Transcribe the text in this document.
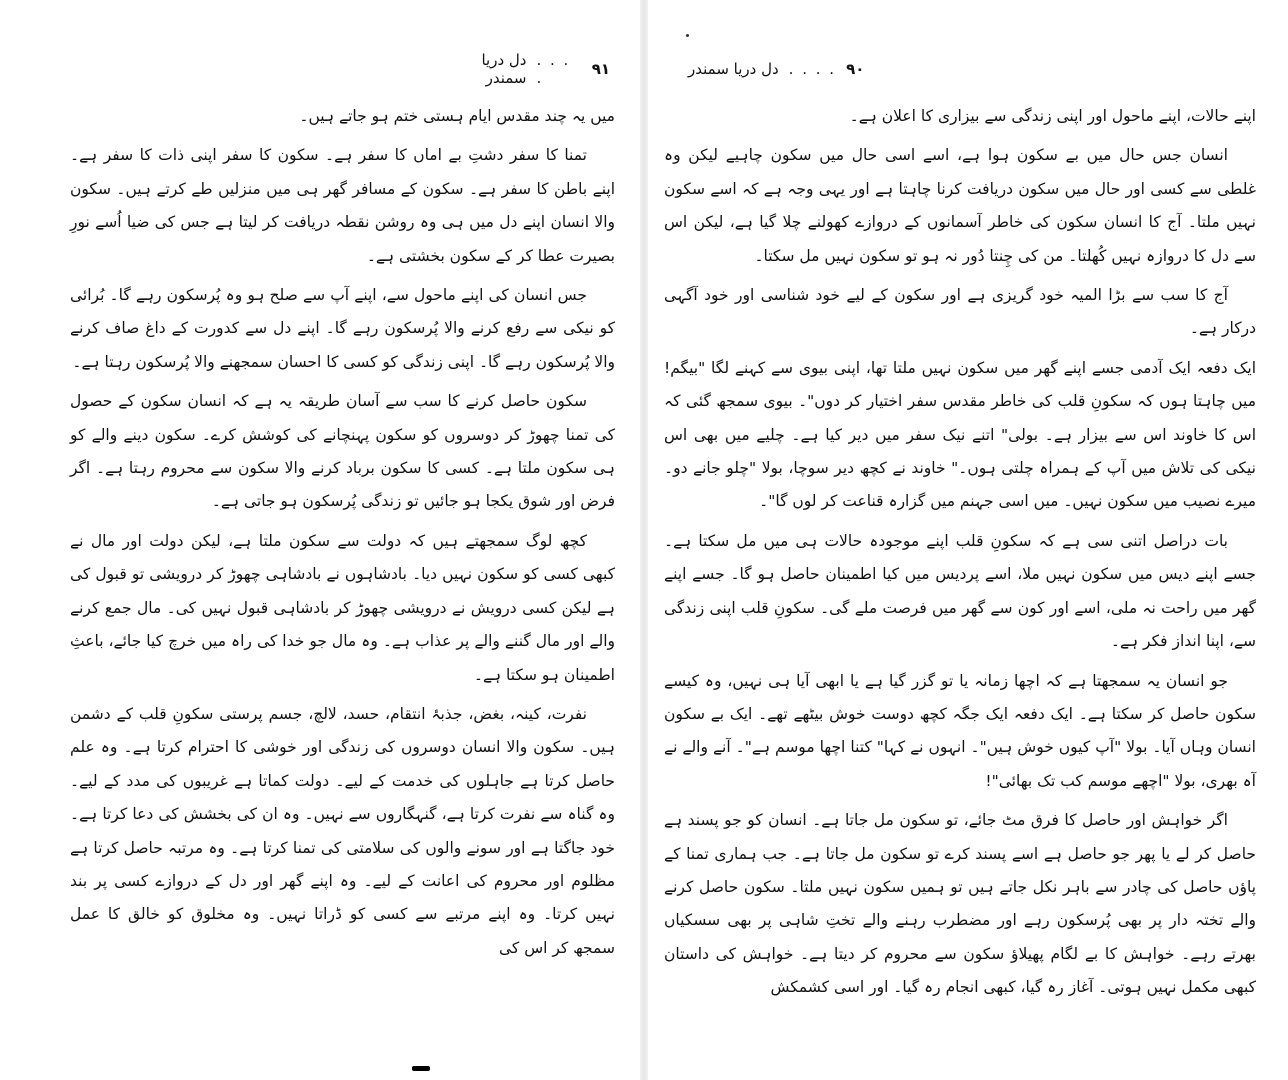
دل دریا سمندر
. . . .	۹۱

میں یہ چند مقدس ایام ہستی ختم ہو جاتے ہیں۔

تمنا کا سفر دشتِ بے اماں کا سفر ہے۔ سکون کا سفر اپنی ذات کا سفر ہے۔ اپنے باطن کا سفر ہے۔ سکون کے مسافر گھر ہی میں منزلیں طے کرتے ہیں۔ سکون والا انسان اپنے دل میں ہی وہ روشن نقطہ دریافت کر لیتا ہے جس کی ضیا اُسے نورِ بصیرت عطا کر کے سکون بخشتی ہے۔

جس انسان کی اپنے ماحول سے، اپنے آپ سے صلح ہو وہ پُرسکون رہے گا۔ بُرائی کو نیکی سے رفع کرنے والا پُرسکون رہے گا۔ اپنے دل سے کدورت کے داغ صاف کرنے والا پُرسکون رہے گا۔ اپنی زندگی کو کسی کا احسان سمجھنے والا پُرسکون رہتا ہے۔

سکون حاصل کرنے کا سب سے آسان طریقہ یہ ہے کہ انسان سکون کے حصول کی تمنا چھوڑ کر دوسروں کو سکون پہنچانے کی کوشش کرے۔ سکون دینے والے کو ہی سکون ملتا ہے۔ کسی کا سکون برباد کرنے والا سکون سے محروم رہتا ہے۔ اگر فرض اور شوق یکجا ہو جائیں تو زندگی پُرسکون ہو جاتی ہے۔

کچھ لوگ سمجھتے ہیں کہ دولت سے سکون ملتا ہے، لیکن دولت اور مال نے کبھی کسی کو سکون نہیں دیا۔ بادشاہوں نے بادشاہی چھوڑ کر درویشی تو قبول کی ہے لیکن کسی درویش نے درویشی چھوڑ کر بادشاہی قبول نہیں کی۔ مال جمع کرنے والے اور مال گننے والے پر عذاب ہے۔ وہ مال جو خدا کی راہ میں خرچ کیا جائے، باعثِ اطمینان ہو سکتا ہے۔

نفرت، کینہ، بغض، جذبۂ انتقام، حسد، لالچ، جسم پرستی سکونِ قلب کے دشمن ہیں۔ سکون والا انسان دوسروں کی زندگی اور خوشی کا احترام کرتا ہے۔ وہ علم حاصل کرتا ہے جاہلوں کی خدمت کے لیے۔ دولت کماتا ہے غریبوں کی مدد کے لیے۔ وہ گناہ سے نفرت کرتا ہے، گنہگاروں سے نہیں۔ وہ ان کی بخشش کی دعا کرتا ہے۔ خود جاگتا ہے اور سونے والوں کی سلامتی کی تمنا کرتا ہے۔ وہ مرتبہ حاصل کرتا ہے مظلوم اور محروم کی اعانت کے لیے۔ وہ اپنے گھر اور دل کے دروازے کسی پر بند نہیں کرتا۔ وہ اپنے مرتبے سے کسی کو ڈراتا نہیں۔ وہ مخلوق کو خالق کا عمل سمجھ کر اس کی

دل دریا سمندر . . . . ۹۰

اپنے حالات، اپنے ماحول اور اپنی زندگی سے بیزاری کا اعلان ہے۔

انسان جس حال میں بے سکون ہوا ہے، اسے اسی حال میں سکون چاہیے لیکن وہ غلطی سے کسی اور حال میں سکون دریافت کرنا چاہتا ہے اور یہی وجہ ہے کہ اسے سکون نہیں ملتا۔ آج کا انسان سکون کی خاطر آسمانوں کے دروازے کھولنے چلا گیا ہے، لیکن اس سے دل کا دروازہ نہیں کُھلتا۔ من کی چِنتا دُور نہ ہو تو سکون نہیں مل سکتا۔

آج کا سب سے بڑا المیہ خود گریزی ہے اور سکون کے لیے خود شناسی اور خود آگہی درکار ہے۔

ایک دفعہ ایک آدمی جسے اپنے گھر میں سکون نہیں ملتا تھا، اپنی بیوی سے کہنے لگا "بیگم! میں چاہتا ہوں کہ سکونِ قلب کی خاطر مقدس سفر اختیار کر دوں"۔ بیوی سمجھ گئی کہ اس کا خاوند اس سے بیزار ہے۔ بولی" اتنے نیک سفر میں دیر کیا ہے۔ چلیے میں بھی اس نیکی کی تلاش میں آپ کے ہمراہ چلتی ہوں۔" خاوند نے کچھ دیر سوچا، بولا "چلو جانے دو۔ میرے نصیب میں سکون نہیں۔ میں اسی جہنم میں گزارہ قناعت کر لوں گا"۔

بات دراصل اتنی سی ہے کہ سکونِ قلب اپنے موجودہ حالات ہی میں مل سکتا ہے۔ جسے اپنے دیس میں سکون نہیں ملا، اسے پردیس میں کیا اطمینان حاصل ہو گا۔ جسے اپنے گھر میں راحت نہ ملی، اسے اور کون سے گھر میں فرصت ملے گی۔ سکونِ قلب اپنی زندگی سے، اپنا انداز فکر ہے۔

جو انسان یہ سمجھتا ہے کہ اچھا زمانہ یا تو گزر گیا ہے یا ابھی آیا ہی نہیں، وہ کیسے سکون حاصل کر سکتا ہے۔ ایک دفعہ ایک جگہ کچھ دوست خوش بیٹھے تھے۔ ایک بے سکون انسان وہاں آیا۔ بولا "آپ کیوں خوش ہیں"۔ انہوں نے کہا" کتنا اچھا موسم ہے"۔ آنے والے نے آہ بھری، بولا "اچھے موسم کب تک بھائی"!

اگر خواہش اور حاصل کا فرق مٹ جائے، تو سکون مل جاتا ہے۔ انسان کو جو پسند ہے حاصل کر لے یا پھر جو حاصل ہے اسے پسند کرے تو سکون مل جاتا ہے۔ جب ہماری تمنا کے پاؤں حاصل کی چادر سے باہر نکل جاتے ہیں تو ہمیں سکون نہیں ملتا۔ سکون حاصل کرنے والے تختہ دار پر بھی پُرسکون رہے اور مضطرب رہنے والے تختِ شاہی پر بھی سسکیاں بھرتے رہے۔ خواہش کا بے لگام پھیلاؤ سکون سے محروم کر دیتا ہے۔ خواہش کی داستان کبھی مکمل نہیں ہوتی۔ آغاز رہ گیا، کبھی انجام رہ گیا۔ اور اسی کشمکش
